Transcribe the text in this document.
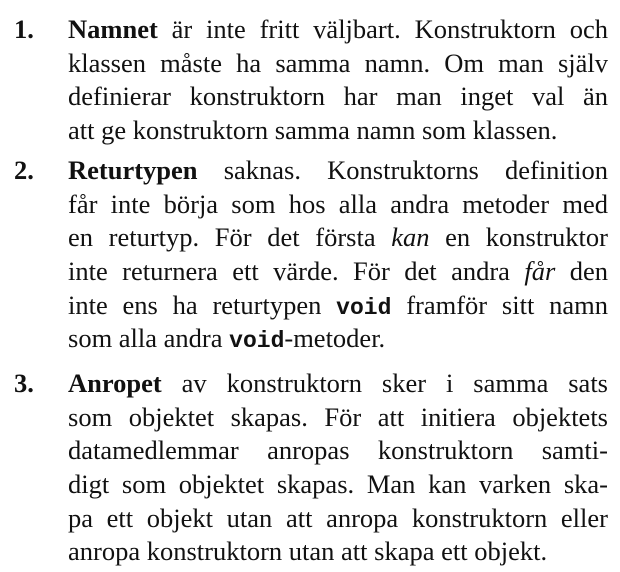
1. Namnet är inte fritt väljbart. Konstruktorn och
klassen måste ha samma namn. Om man själv
definierar konstruktorn har man inget val än
att ge konstruktorn samma namn som klassen.
2. Returtypen saknas. Konstruktorns definition
får inte börja som hos alla andra metoder med
en returtyp. För det första kan en konstruktor
inte returnera ett värde. För det andra får den
inte ens ha returtypen void framför sitt namn
som alla andra void-metoder.
3. Anropet av konstruktorn sker i samma sats
som objektet skapas. För att initiera objektets
datamedlemmar anropas konstruktorn samti-
digt som objektet skapas. Man kan varken ska-
pa ett objekt utan att anropa konstruktorn eller
anropa konstruktorn utan att skapa ett objekt.
